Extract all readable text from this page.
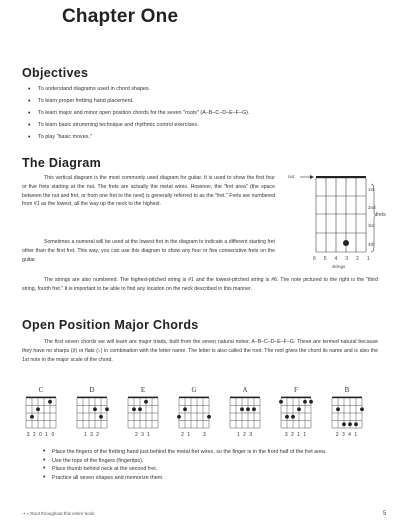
Chapter One
Objectives
• To understand diagrams used in chord shapes.
• To learn proper fretting hand placement.
• To learn major and minor open position chords for the seven "roots" (A–B–C–D–E–F–G).
• To learn basic strumming technique and rhythmic control exercises.
• To play "basic moves."
The Diagram
This vertical diagram is the most commonly used diagram for guitar. It is used to show the first four or five frets starting at the nut. The frets are actually the metal wires. However, the "fret area" (the space between the nut and fret, or from one fret to the next) is generally referred to as the "fret." Frets are numbered from #1 as the lowest, all the way up the neck to the highest.
Sometimes a numeral will be used at the lowest fret in the diagram to indicate a different starting fret other than the first fret. This way, you can use this diagram to show any four or five consecutive frets on the guitar.
The strings are also numbered. The highest-pitched string is #1 and the lowest-pitched string is #6. The note pictured to the right is the "third string, fourth fret." It is important to be able to find any location on the neck described in this manner.
nut
1st
2nd
3rd
4th
frets
6 5 4 3 2 1
strings
Open Position Major Chords
The first seven chords we will learn are major triads, built from the seven natural notes: A–B–C–D–E–F–G. These are termed natural because they have no sharps (♯) or flats (♭) in combination with the letter name. The letter is also called the root. The root gives the chord its name and is also the 1st note in the major scale of the chord.
C	D	E	G	A	F	B
3 2 0 1 0	1 3 2	2 3 1	2 1     3	1 2 3	3 2 1 1	2 3 4 1
• Place the fingers of the fretting hand just behind the metal fret wires, so the finger is in the front half of the fret area.
• Use the tops of the fingers (fingertips).
• Place thumb behind neck at the second fret.
• Practice all seven shapes and memorize them.
◦• = Root throughout this entire book	5
